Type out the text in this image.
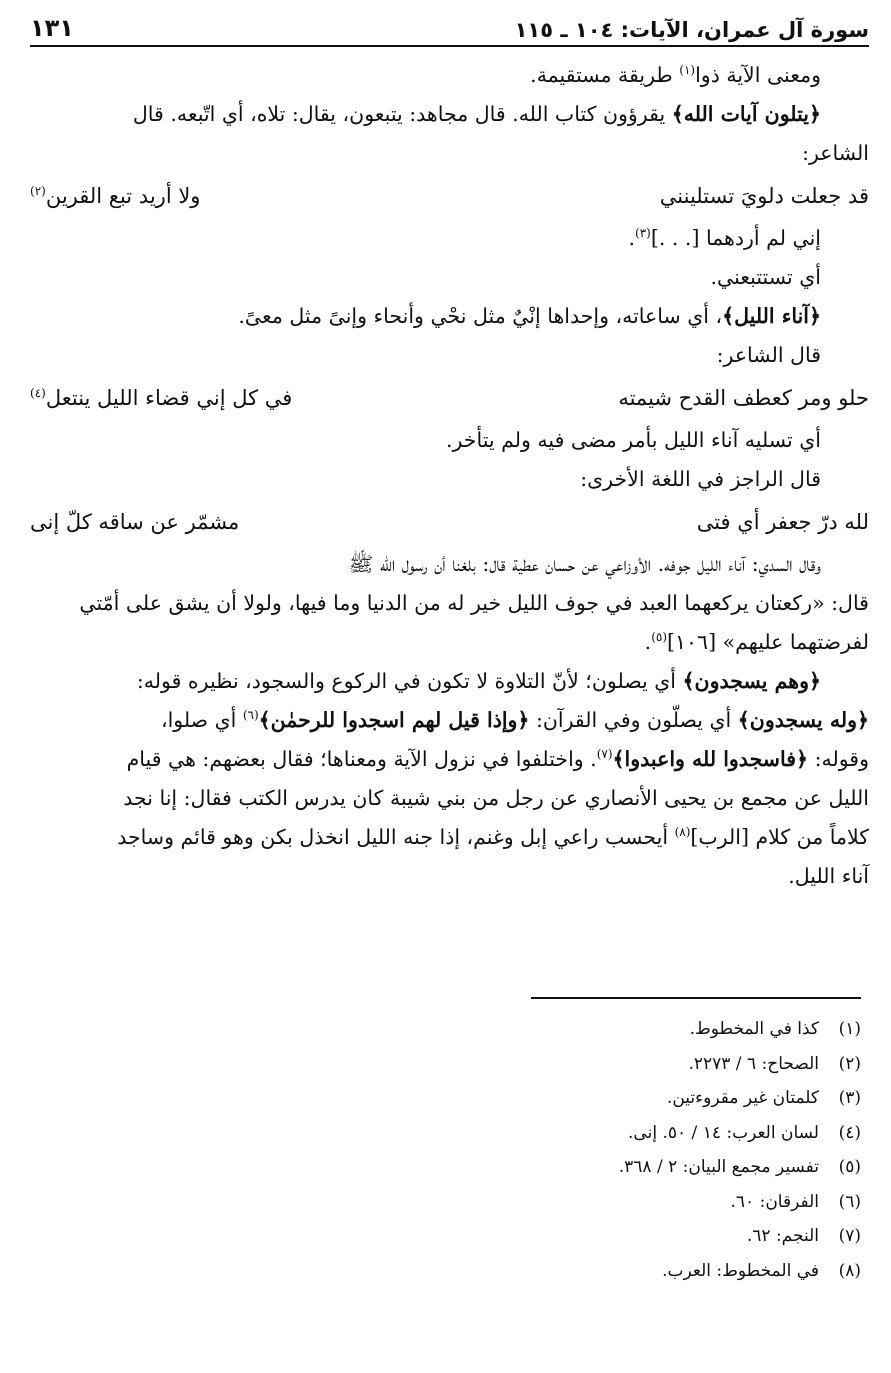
سورة آل عمران، الآيات: ١٠٤ ـ ١١٥
١٣١
ومعنى الآية ذوا$^{(١)}$ طريقة مستقيمة.
﴿يتلون آيات الله﴾ يقرؤون كتاب الله. قال مجاهد: يتبعون، يقال: تلاه، أي اتّبعه. قال
الشاعر:
قد جعلت دلويَ تستلينني
ولا أريد تبع القرين$^{(٢)}$
إني لم أردهما [. . .]$^{(٣)}$.
أي تستتبعني.
﴿آناء الليل﴾، أي ساعاته، وإحداها إنْيٌ مثل نحْي وأنحاء وإنىً مثل معىً.
قال الشاعر:
حلو ومر كعطف القدح شيمته
في كل إني قضاء الليل ينتعل$^{(٤)}$
أي تسليه آناء الليل بأمر مضى فيه ولم يتأخر.
قال الراجز في اللغة الأخرى:
لله درّ جعفر أي فتى
مشمّر عن ساقه كلّ إنى
وقال السدي: آناء الليل جوفه. الأوزاعي عن حسان عطية قال: بلغنا أن رسول الله ﷺ
قال: «ركعتان يركعهما العبد في جوف الليل خير له من الدنيا وما فيها، ولولا أن يشق على أمّتي
لفرضتهما عليهم» [١٠٦]$^{(٥)}$.
﴿وهم يسجدون﴾ أي يصلون؛ لأنّ التلاوة لا تكون في الركوع والسجود، نظيره قوله:
﴿وله يسجدون﴾ أي يصلّون وفي القرآن: ﴿وإذا قيل لهم اسجدوا للرحمٰن﴾$^{(٦)}$ أي صلوا،
وقوله: ﴿فاسجدوا لله واعبدوا﴾$^{(٧)}$. واختلفوا في نزول الآية ومعناها؛ فقال بعضهم: هي قيام
الليل عن مجمع بن يحيى الأنصاري عن رجل من بني شيبة كان يدرس الكتب فقال: إنا نجد
كلاماً من كلام [الرب]$^{(٨)}$ أيحسب راعي إبل وغنم، إذا جنه الليل انخذل بكن وهو قائم وساجد
آناء الليل.
(١)كذا في المخطوط.
(٢)الصحاح: ٦ / ٢٢٧٣.
(٣)كلمتان غير مقروءتين.
(٤)لسان العرب: ١٤ / ٥٠. إنى.
(٥)تفسير مجمع البيان: ٢ / ٣٦٨.
(٦)الفرقان: ٦٠.
(٧)النجم: ٦٢.
(٨)في المخطوط: العرب.
